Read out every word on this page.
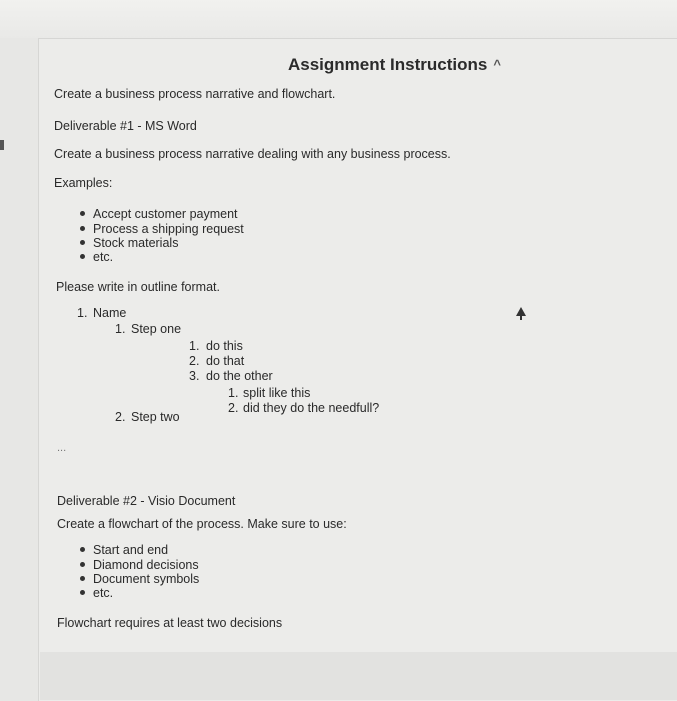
Assignment Instructions ^
Create a business process narrative and flowchart.
Deliverable #1 - MS Word
Create a business process narrative dealing with any business process.
Examples:
Accept customer payment
Process a shipping request
Stock materials
etc.
Please write in outline format.
1. Name
1. Step one
1. do this
2. do that
3. do the other
1. split like this
2. did they do the needfull?
2. Step two
...
Deliverable #2 - Visio Document
Create a flowchart of the process. Make sure to use:
Start and end
Diamond decisions
Document symbols
etc.
Flowchart requires at least two decisions
